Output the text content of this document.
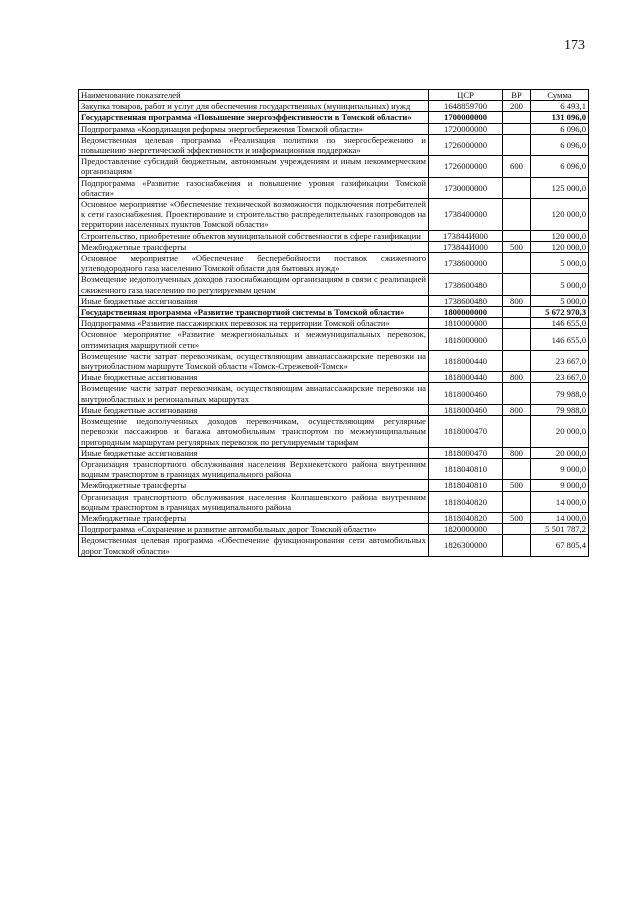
173
Наименование показателей	ЦСР	ВР	Сумма
Закупка товаров, работ и услуг для обеспечения государственных (муниципальных) нужд	1648859700	200	6 493,1
Государственная программа «Повышение энергоэффективности в Томской области»	1700000000		131 096,0
Подпрограмма «Координация реформы энергосбережения Томской области»	1720000000		6 096,0
Ведомственная целевая программа «Реализация политики по энергосбережению и повышению энергетической эффективности и информационная поддержка»	1726000000		6 096,0
Предоставление субсидий бюджетным, автономным учреждениям и иным некоммерческим организациям	1726000000	600	6 096,0
Подпрограмма «Развитие газоснабжения и повышение уровня газификации Томской области»	1730000000		125 000,0
Основное мероприятие «Обеспечение технической возможности подключения потребителей к сети газоснабжения. Проектирование и строительство распределительных газопроводов на территории населенных пунктов Томской области»	1738400000		120 000,0
Строительство, приобретение объектов муниципальной собственности в сфере газификации	173844И000		120 000,0
Межбюджетные трансферты	173844И000	500	120 000,0
Основное мероприятие «Обеспечение бесперебойности поставок сжиженного углеводородного газа населению Томской области для бытовых нужд»	1738600000		5 000,0
Возмещение недополученных доходов газоснабжающим организациям в связи с реализацией сжиженного газа населению по регулируемым ценам	1738600480		5 000,0
Иные бюджетные ассигнования	1738600480	800	5 000,0
Государственная программа «Развитие транспортной системы в Томской области»	1800000000		5 672 970,3
Подпрограмма «Развитие пассажирских перевозок на территории Томской области»	1810000000		146 655,0
Основное мероприятие «Развитие межрегиональных и межмуниципальных перевозок, оптимизация маршрутной сети»	1818000000		146 655,0
Возмещение части затрат перевозчикам, осуществляющим авиапассажирские перевозки на внутриобластном маршруте Томской области «Томск-Стрежевой-Томск»	1818000440		23 667,0
Иные бюджетные ассигнования	1818000440	800	23 667,0
Возмещение части затрат перевозчикам, осуществляющим авиапассажирские перевозки на внутриобластных и региональных маршрутах	1818000460		79 988,0
Иные бюджетные ассигнования	1818000460	800	79 988,0
Возмещение недополученных доходов перевозчикам, осуществляющим регулярные перевозки пассажиров и багажа автомобильным транспортом по межмуниципальным пригородным маршрутам регулярных перевозок по регулируемым тарифам	1818000470		20 000,0
Иные бюджетные ассигнования	1818000470	800	20 000,0
Организация транспортного обслуживания населения Верхнекетского района внутренним водным транспортом в границах муниципального района	1818040810		9 000,0
Межбюджетные трансферты	1818040810	500	9 000,0
Организация транспортного обслуживания населения Колпашевского района внутренним водным транспортом в границах муниципального района	1818040820		14 000,0
Межбюджетные трансферты	1818040820	500	14 000,0
Подпрограмма «Сохранение и развитие автомобильных дорог Томской области»	1820000000		5 501 787,2
Ведомственная целевая программа «Обеспечение функционирования сети автомобильных дорог Томской области»	1826300000		67 805,4
